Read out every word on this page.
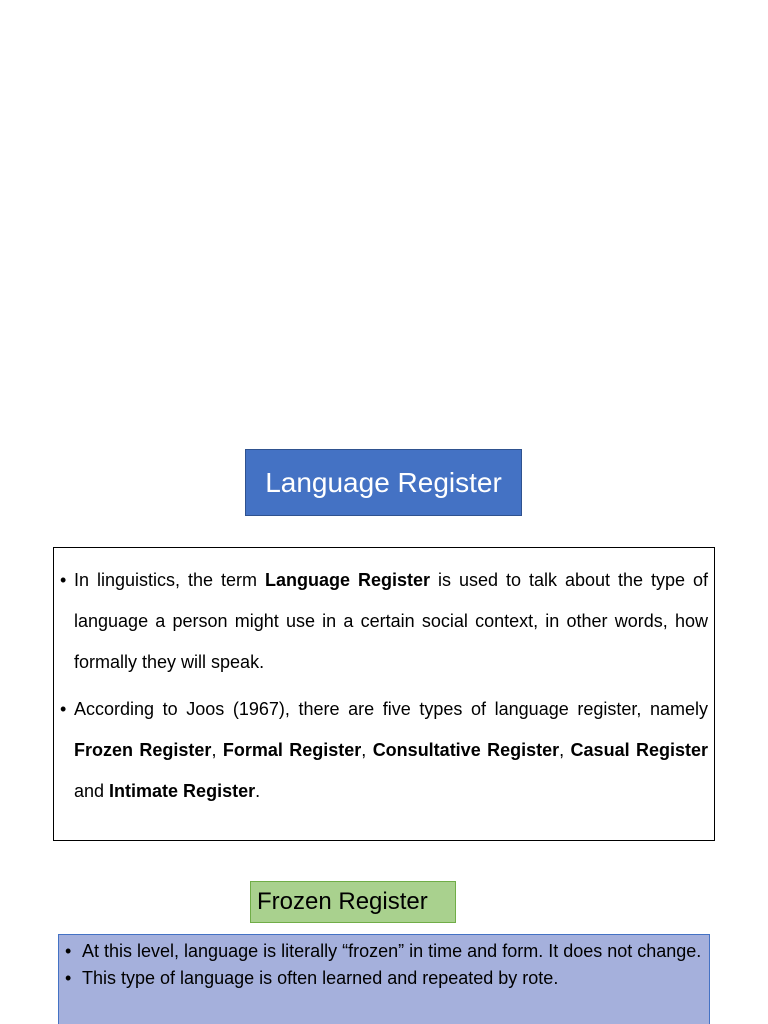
Language Register
• In linguistics, the term Language Register is used to talk about the type of language a person might use in a certain social context, in other words, how formally they will speak.
• According to Joos (1967), there are five types of language register, namely Frozen Register, Formal Register, Consultative Register, Casual Register and Intimate Register.
Frozen Register
• At this level, language is literally “frozen” in time and form. It does not change.
• This type of language is often learned and repeated by rote.
